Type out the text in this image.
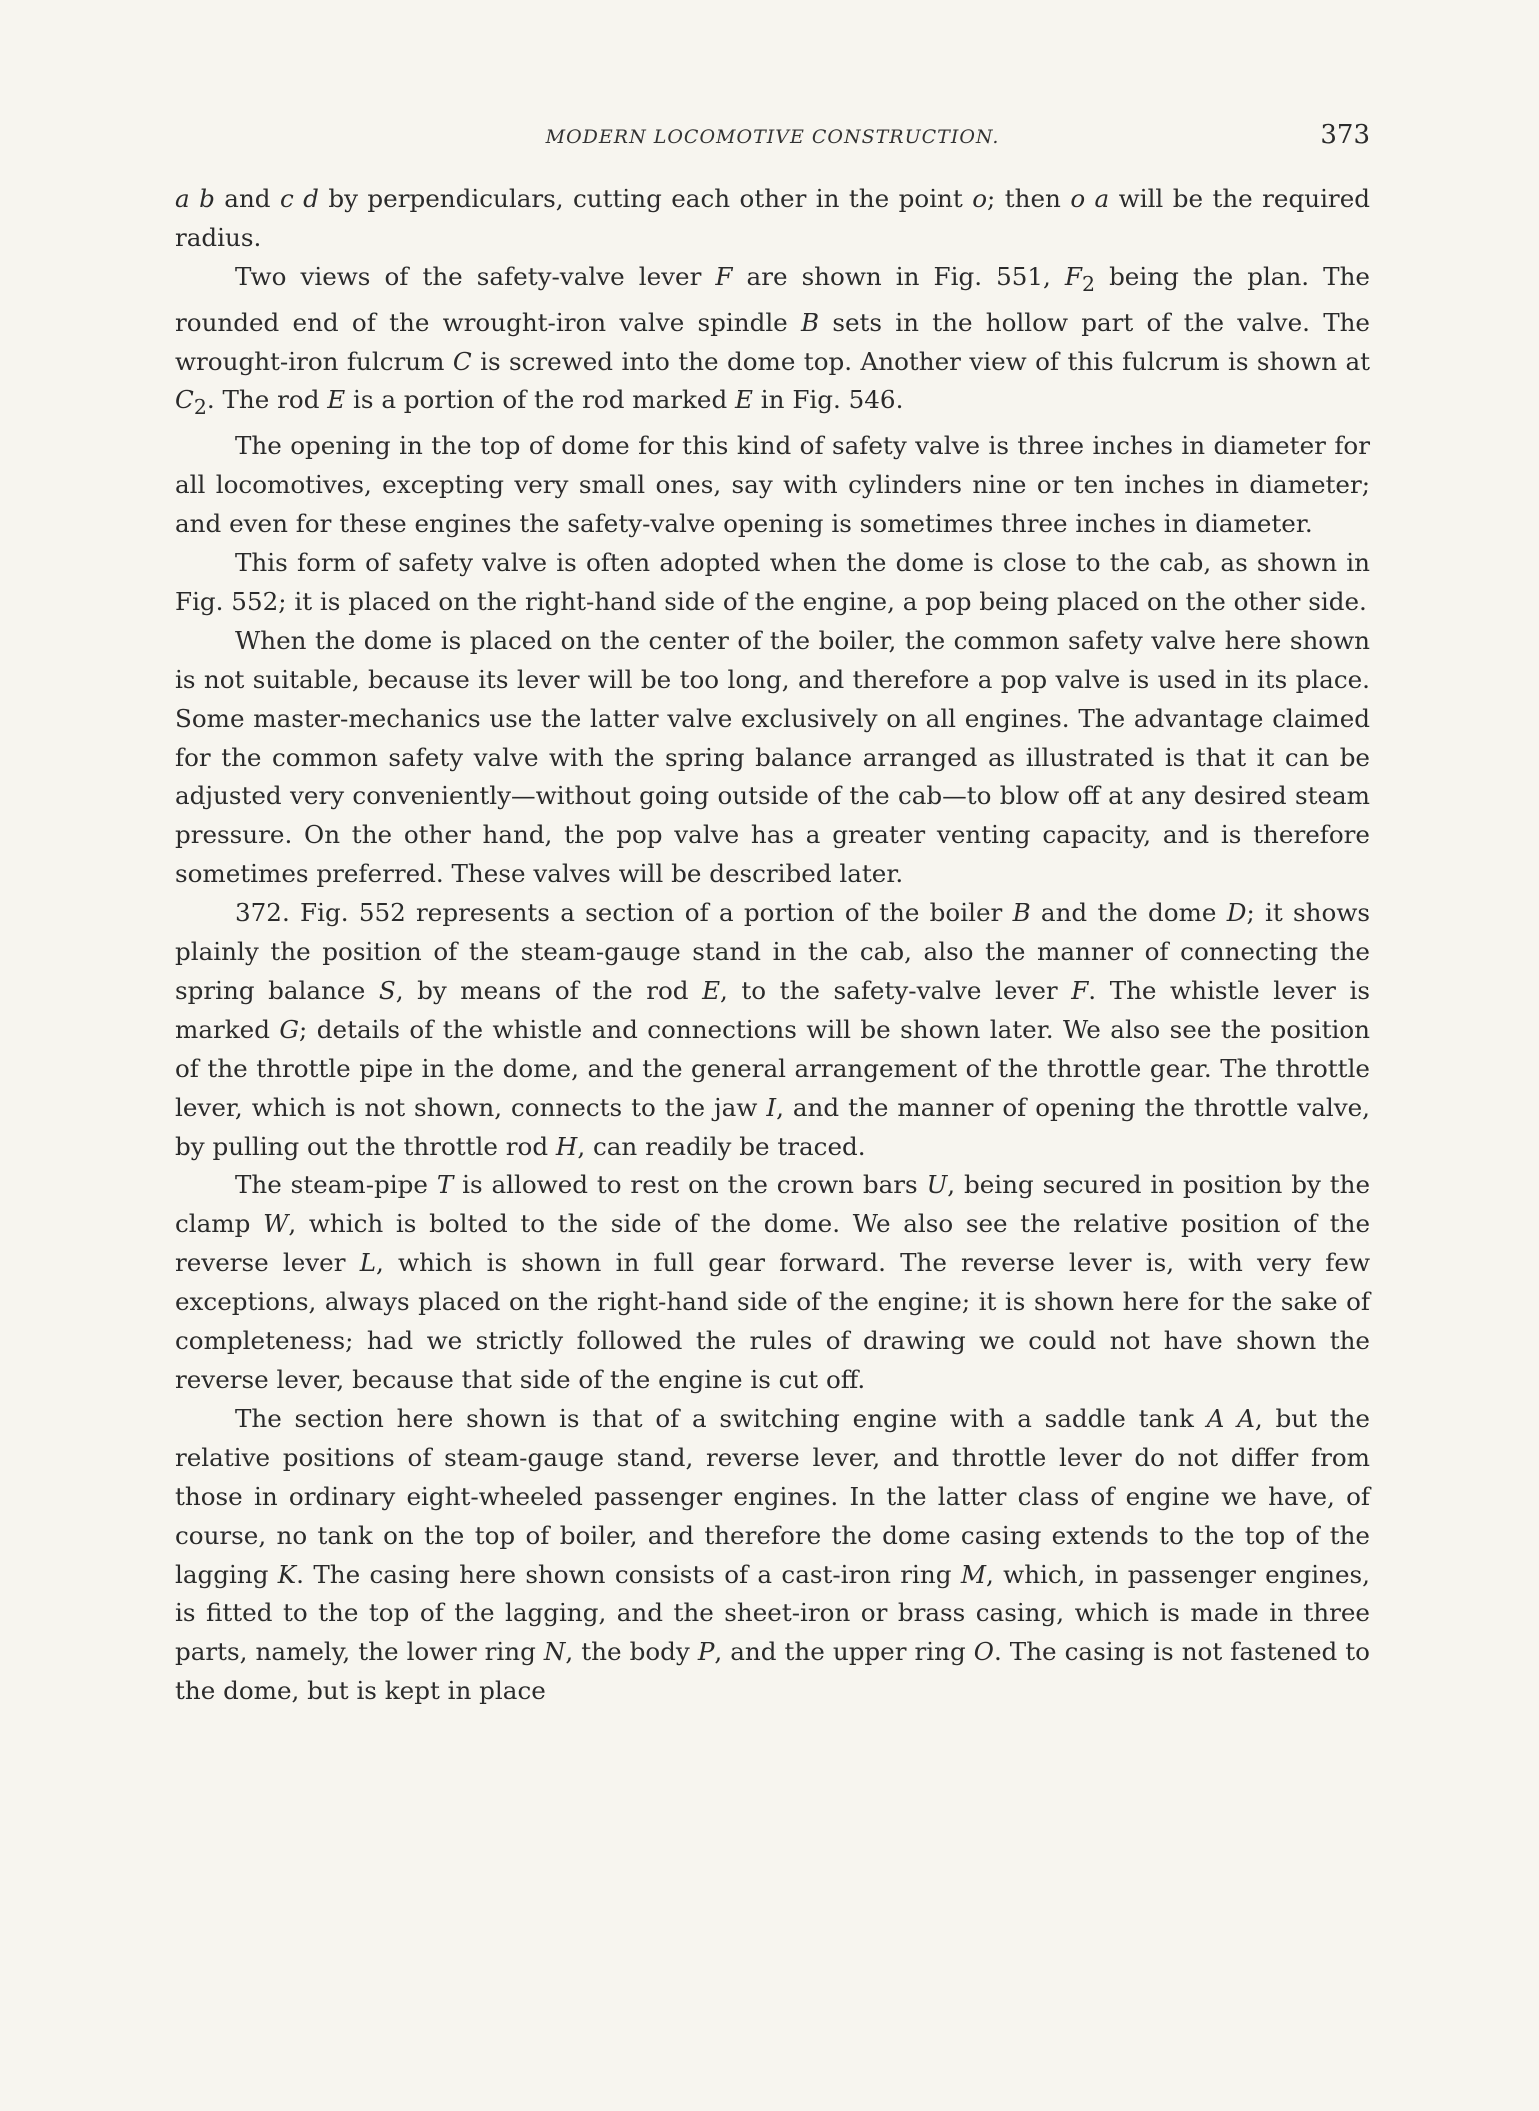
MODERN LOCOMOTIVE CONSTRUCTION.	373

a b and c d by perpendiculars, cutting each other in the point o; then o a will be the required radius.

Two views of the safety-valve lever F are shown in Fig. 551, $F_2$ being the plan. The rounded end of the wrought-iron valve spindle B sets in the hollow part of the valve. The wrought-iron fulcrum C is screwed into the dome top. Another view of this fulcrum is shown at $C_2$. The rod E is a portion of the rod marked E in Fig. 546.

The opening in the top of dome for this kind of safety valve is three inches in diameter for all locomotives, excepting very small ones, say with cylinders nine or ten inches in diameter; and even for these engines the safety-valve opening is sometimes three inches in diameter.

This form of safety valve is often adopted when the dome is close to the cab, as shown in Fig. 552; it is placed on the right-hand side of the engine, a pop being placed on the other side.

When the dome is placed on the center of the boiler, the common safety valve here shown is not suitable, because its lever will be too long, and therefore a pop valve is used in its place. Some master-mechanics use the latter valve exclusively on all engines. The advantage claimed for the common safety valve with the spring balance arranged as illustrated is that it can be adjusted very conveniently—without going outside of the cab—to blow off at any desired steam pressure. On the other hand, the pop valve has a greater venting capacity, and is therefore sometimes preferred. These valves will be described later.

372. Fig. 552 represents a section of a portion of the boiler B and the dome D; it shows plainly the position of the steam-gauge stand in the cab, also the manner of connecting the spring balance S, by means of the rod E, to the safety-valve lever F. The whistle lever is marked G; details of the whistle and connections will be shown later. We also see the position of the throttle pipe in the dome, and the general arrangement of the throttle gear. The throttle lever, which is not shown, connects to the jaw I, and the manner of opening the throttle valve, by pulling out the throttle rod H, can readily be traced.

The steam-pipe T is allowed to rest on the crown bars U, being secured in position by the clamp W, which is bolted to the side of the dome. We also see the relative position of the reverse lever L, which is shown in full gear forward. The reverse lever is, with very few exceptions, always placed on the right-hand side of the engine; it is shown here for the sake of completeness; had we strictly followed the rules of drawing we could not have shown the reverse lever, because that side of the engine is cut off.

The section here shown is that of a switching engine with a saddle tank A A, but the relative positions of steam-gauge stand, reverse lever, and throttle lever do not differ from those in ordinary eight-wheeled passenger engines. In the latter class of engine we have, of course, no tank on the top of boiler, and therefore the dome casing extends to the top of the lagging K. The casing here shown consists of a cast-iron ring M, which, in passenger engines, is fitted to the top of the lagging, and the sheet-iron or brass casing, which is made in three parts, namely, the lower ring N, the body P, and the upper ring O. The casing is not fastened to the dome, but is kept in place
